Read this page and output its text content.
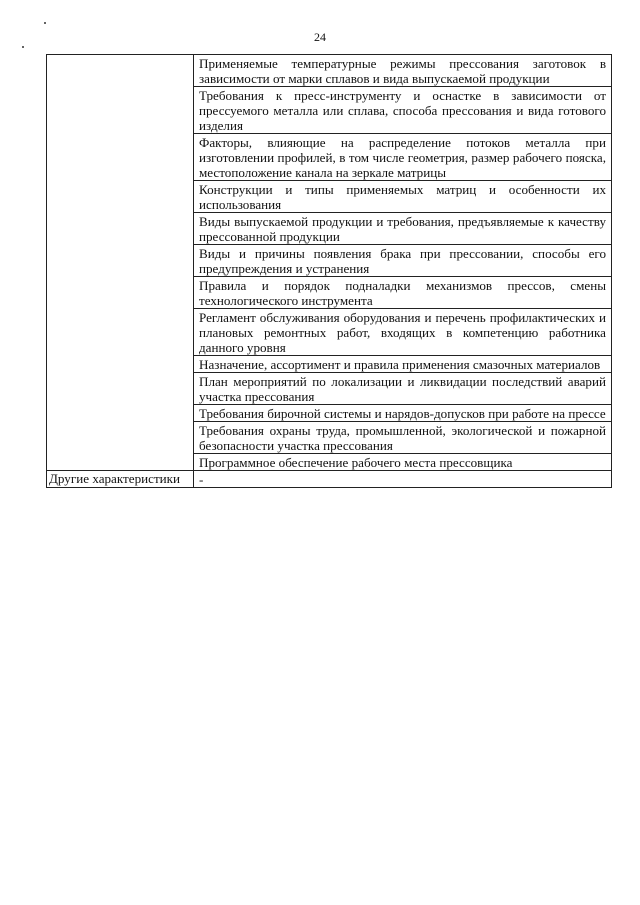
24
	Применяемые температурные режимы прессования заготовок в зависимости от марки сплавов и вида выпускаемой продукции
	Требования к пресс-инструменту и оснастке в зависимости от прессуемого металла или сплава, способа прессования и вида готового изделия
	Факторы, влияющие на распределение потоков металла при изготовлении профилей, в том числе геометрия, размер рабочего пояска, местоположение канала на зеркале матрицы
	Конструкции и типы применяемых матриц и особенности их использования
	Виды выпускаемой продукции и требования, предъявляемые к качеству прессованной продукции
	Виды и причины появления брака при прессовании, способы его предупреждения и устранения
	Правила и порядок подналадки механизмов прессов, смены технологического инструмента
	Регламент обслуживания оборудования и перечень профилактических и плановых ремонтных работ, входящих в компетенцию работника данного уровня
	Назначение, ассортимент и правила применения смазочных материалов
	План мероприятий по локализации и ликвидации последствий аварий участка прессования
	Требования бирочной системы и нарядов-допусков при работе на прессе
	Требования охраны труда, промышленной, экологической и пожарной безопасности участка прессования
	Программное обеспечение рабочего места прессовщика
Другие характеристики	-
